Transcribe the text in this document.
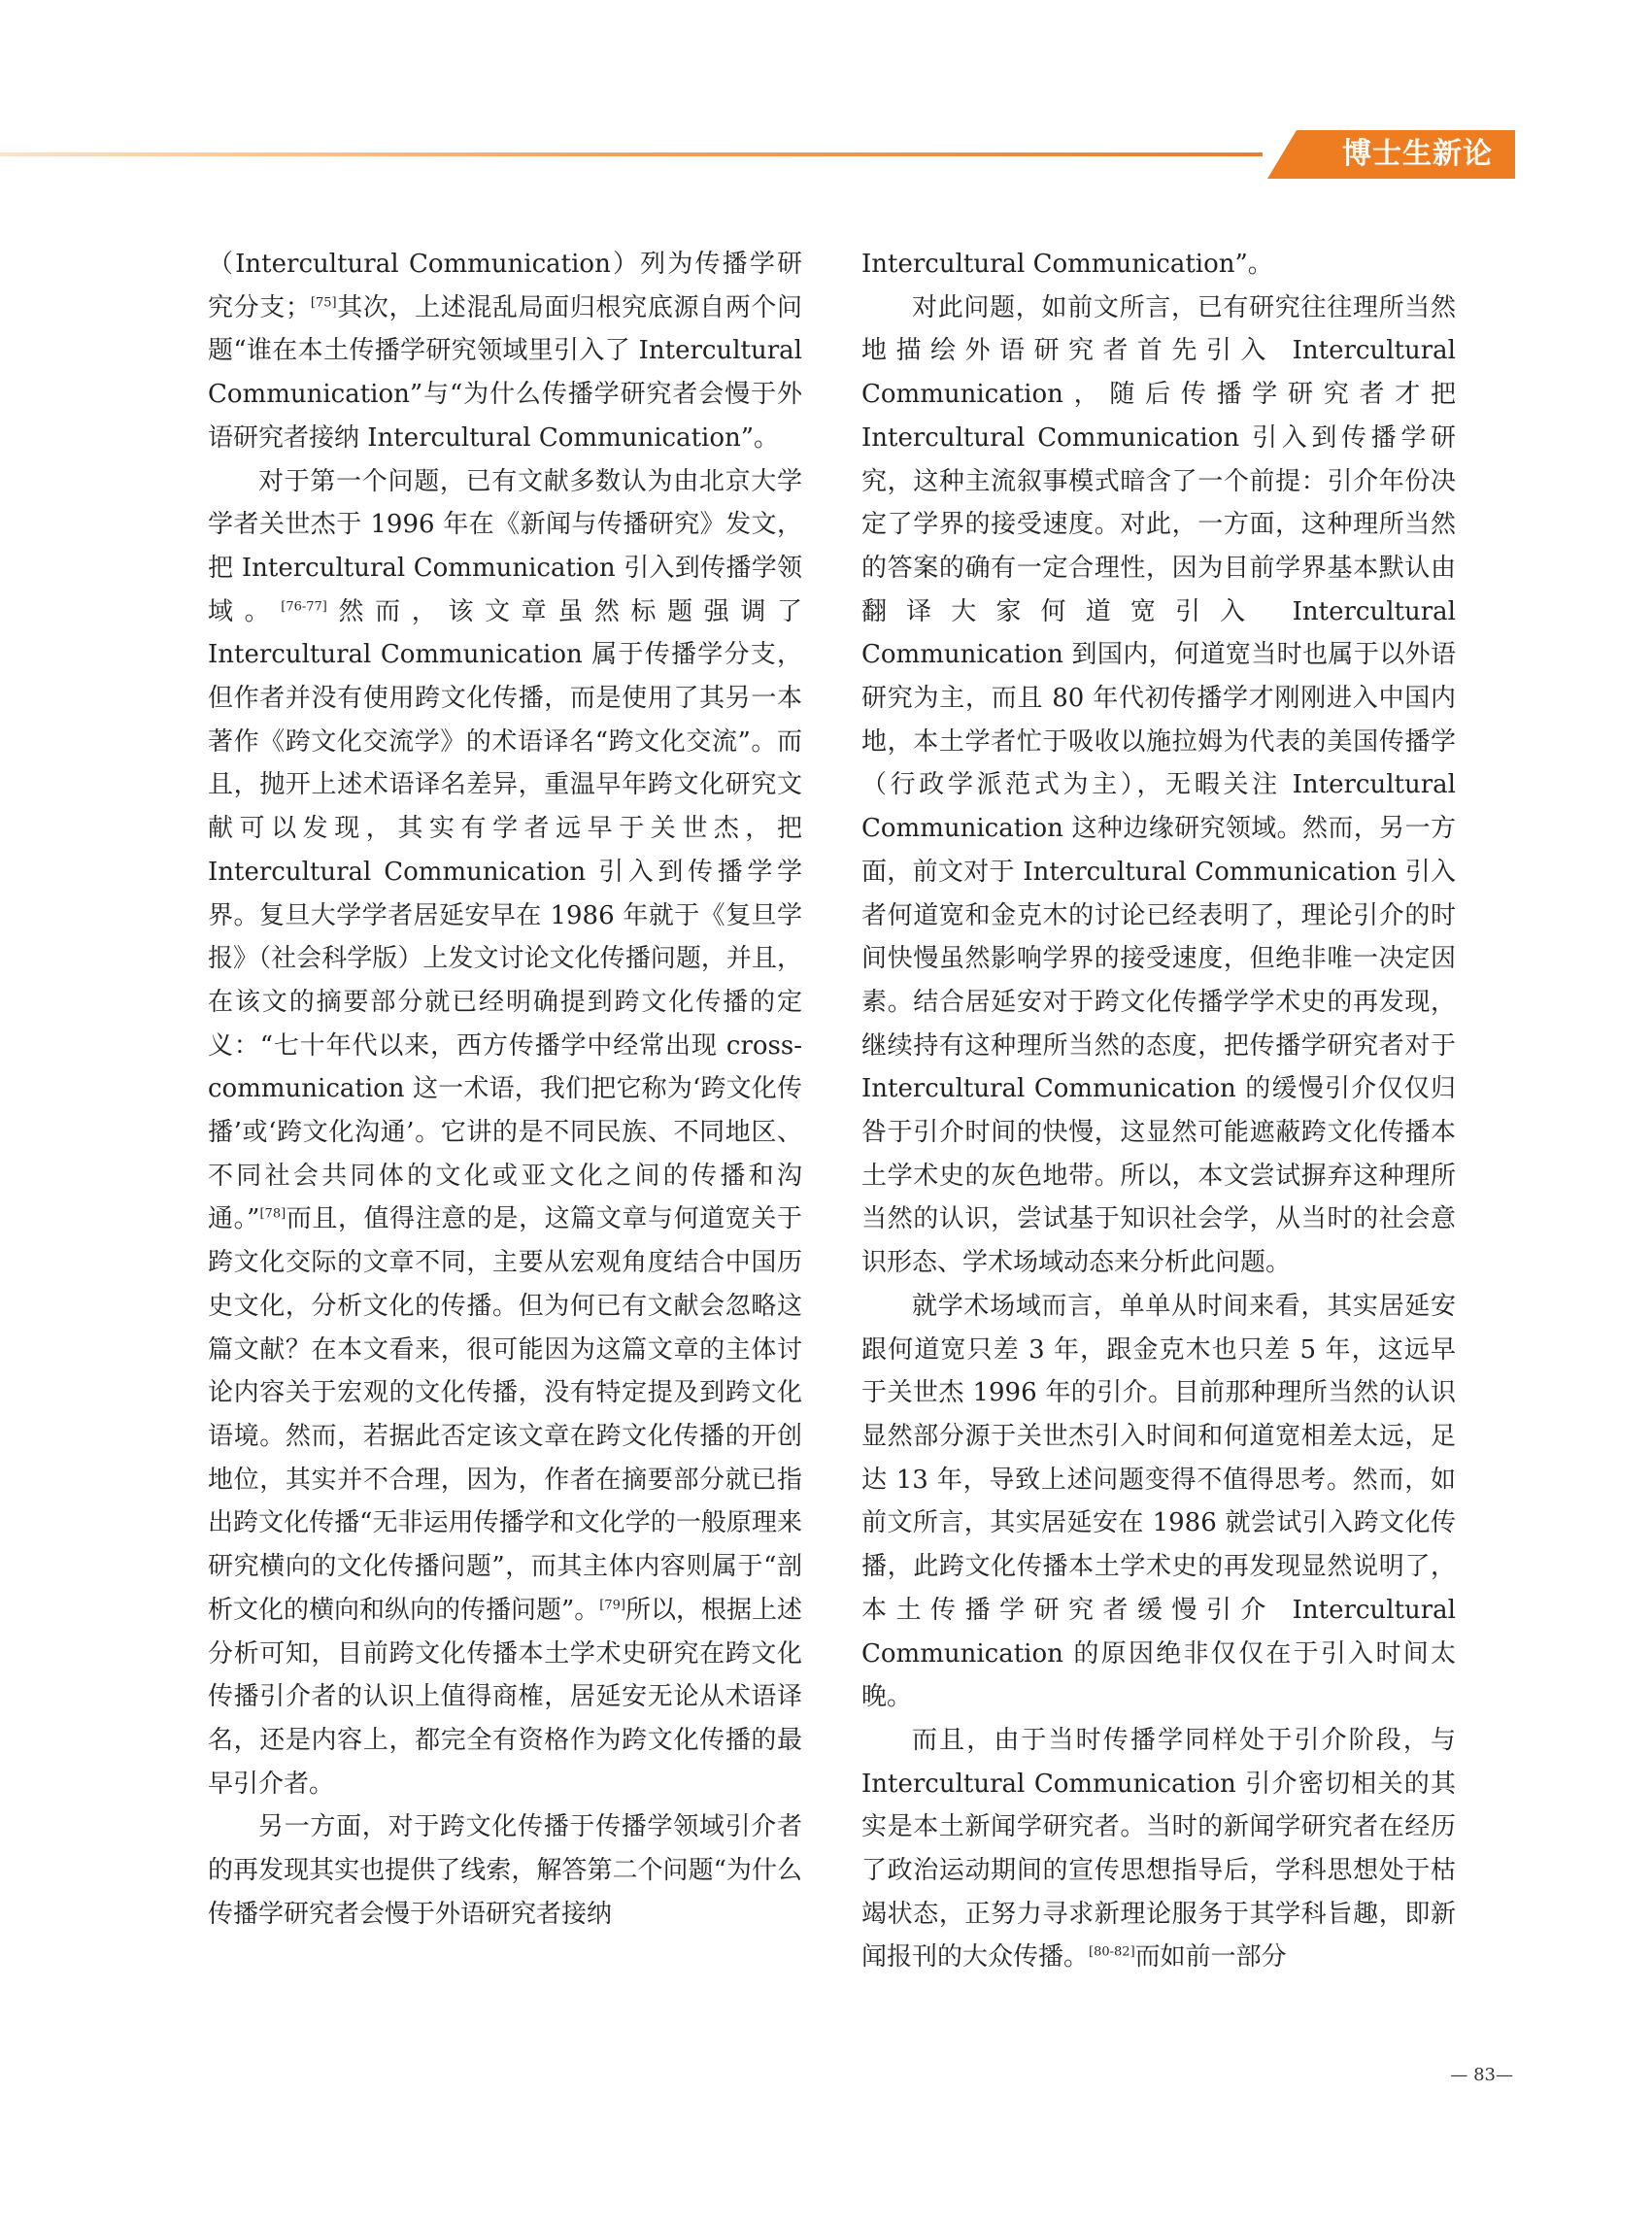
博士生新论

（Intercultural Communication）列为传播学研究分支；[75]其次，上述混乱局面归根究底源自两个问题“谁在本土传播学研究领域里引入了 Intercultural Communication”与“为什么传播学研究者会慢于外语研究者接纳 Intercultural Communication”。

对于第一个问题，已有文献多数认为由北京大学学者关世杰于 1996 年在《新闻与传播研究》发文，把 Intercultural Communication 引入到传播学领域。[76-77]然而，该文章虽然标题强调了 Intercultural Communication 属于传播学分支，但作者并没有使用跨文化传播，而是使用了其另一本著作《跨文化交流学》的术语译名“跨文化交流”。而且，抛开上述术语译名差异，重温早年跨文化研究文献可以发现，其实有学者远早于关世杰，把 Intercultural Communication 引入到传播学学界。复旦大学学者居延安早在 1986 年就于《复旦学报》（社会科学版）上发文讨论文化传播问题，并且，在该文的摘要部分就已经明确提到跨文化传播的定义：“七十年代以来，西方传播学中经常出现 cross-communication 这一术语，我们把它称为‘跨文化传播’或‘跨文化沟通’。它讲的是不同民族、不同地区、不同社会共同体的文化或亚文化之间的传播和沟通。”[78]而且，值得注意的是，这篇文章与何道宽关于跨文化交际的文章不同，主要从宏观角度结合中国历史文化，分析文化的传播。但为何已有文献会忽略这篇文献？在本文看来，很可能因为这篇文章的主体讨论内容关于宏观的文化传播，没有特定提及到跨文化语境。然而，若据此否定该文章在跨文化传播的开创地位，其实并不合理，因为，作者在摘要部分就已指出跨文化传播“无非运用传播学和文化学的一般原理来研究横向的文化传播问题”，而其主体内容则属于“剖析文化的横向和纵向的传播问题”。[79]所以，根据上述分析可知，目前跨文化传播本土学术史研究在跨文化传播引介者的认识上值得商榷，居延安无论从术语译名，还是内容上，都完全有资格作为跨文化传播的最早引介者。

另一方面，对于跨文化传播于传播学领域引介者的再发现其实也提供了线索，解答第二个问题“为什么传播学研究者会慢于外语研究者接纳

Intercultural Communication”。

对此问题，如前文所言，已有研究往往理所当然地描绘外语研究者首先引入 Intercultural Communication，随后传播学研究者才把 Intercultural Communication 引入到传播学研究，这种主流叙事模式暗含了一个前提：引介年份决定了学界的接受速度。对此，一方面，这种理所当然的答案的确有一定合理性，因为目前学界基本默认由翻译大家何道宽引入 Intercultural Communication 到国内，何道宽当时也属于以外语研究为主，而且 80 年代初传播学才刚刚进入中国内地，本土学者忙于吸收以施拉姆为代表的美国传播学（行政学派范式为主），无暇关注 Intercultural Communication 这种边缘研究领域。然而，另一方面，前文对于 Intercultural Communication 引入者何道宽和金克木的讨论已经表明了，理论引介的时间快慢虽然影响学界的接受速度，但绝非唯一决定因素。结合居延安对于跨文化传播学学术史的再发现，继续持有这种理所当然的态度，把传播学研究者对于 Intercultural Communication 的缓慢引介仅仅归咎于引介时间的快慢，这显然可能遮蔽跨文化传播本土学术史的灰色地带。所以，本文尝试摒弃这种理所当然的认识，尝试基于知识社会学，从当时的社会意识形态、学术场域动态来分析此问题。

就学术场域而言，单单从时间来看，其实居延安跟何道宽只差 3 年，跟金克木也只差 5 年，这远早于关世杰 1996 年的引介。目前那种理所当然的认识显然部分源于关世杰引入时间和何道宽相差太远，足达 13 年，导致上述问题变得不值得思考。然而，如前文所言，其实居延安在 1986 就尝试引入跨文化传播，此跨文化传播本土学术史的再发现显然说明了，本土传播学研究者缓慢引介 Intercultural Communication 的原因绝非仅仅在于引入时间太晚。

而且，由于当时传播学同样处于引介阶段，与 Intercultural Communication 引介密切相关的其实是本土新闻学研究者。当时的新闻学研究者在经历了政治运动期间的宣传思想指导后，学科思想处于枯竭状态，正努力寻求新理论服务于其学科旨趣，即新闻报刊的大众传播。[80-82]而如前一部分

— 83—
